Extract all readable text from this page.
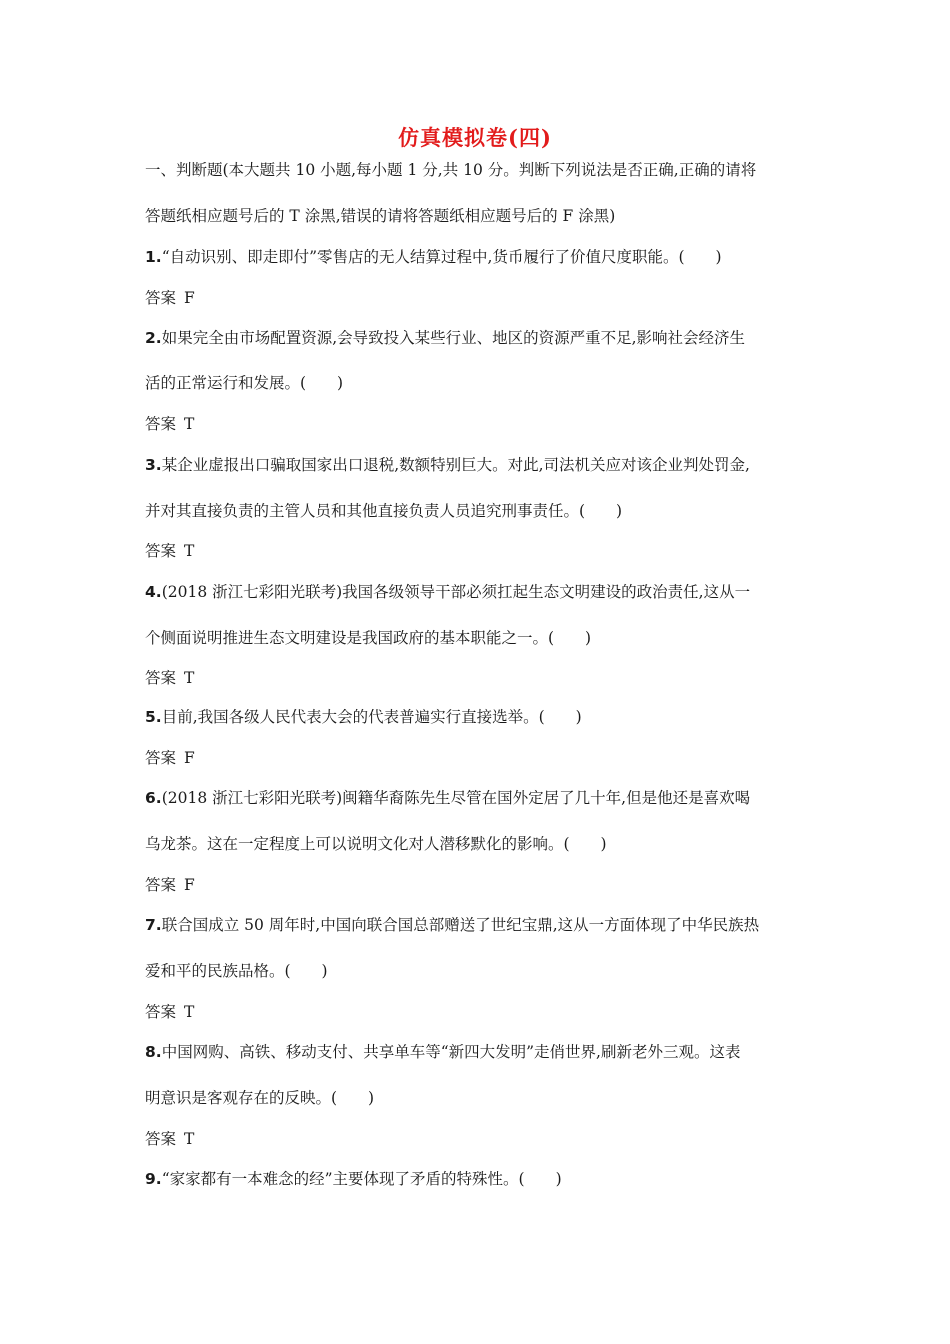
仿真模拟卷(四)
一、判断题(本大题共 10 小题,每小题 1 分,共 10 分。判断下列说法是否正确,正确的请将
答题纸相应题号后的 T 涂黑,错误的请将答题纸相应题号后的 F 涂黑)
1.“自动识别、即走即付”零售店的无人结算过程中,货币履行了价值尺度职能。(　　)
答案 F
2.如果完全由市场配置资源,会导致投入某些行业、地区的资源严重不足,影响社会经济生
活的正常运行和发展。(　　)
答案 T
3.某企业虚报出口骗取国家出口退税,数额特别巨大。对此,司法机关应对该企业判处罚金,
并对其直接负责的主管人员和其他直接负责人员追究刑事责任。(　　)
答案 T
4.(2018 浙江七彩阳光联考)我国各级领导干部必须扛起生态文明建设的政治责任,这从一
个侧面说明推进生态文明建设是我国政府的基本职能之一。(　　)
答案 T
5.目前,我国各级人民代表大会的代表普遍实行直接选举。(　　)
答案 F
6.(2018 浙江七彩阳光联考)闽籍华裔陈先生尽管在国外定居了几十年,但是他还是喜欢喝
乌龙茶。这在一定程度上可以说明文化对人潜移默化的影响。(　　)
答案 F
7.联合国成立 50 周年时,中国向联合国总部赠送了世纪宝鼎,这从一方面体现了中华民族热
爱和平的民族品格。(　　)
答案 T
8.中国网购、高铁、移动支付、共享单车等“新四大发明”走俏世界,刷新老外三观。这表
明意识是客观存在的反映。(　　)
答案 T
9.“家家都有一本难念的经”主要体现了矛盾的特殊性。(　　)
